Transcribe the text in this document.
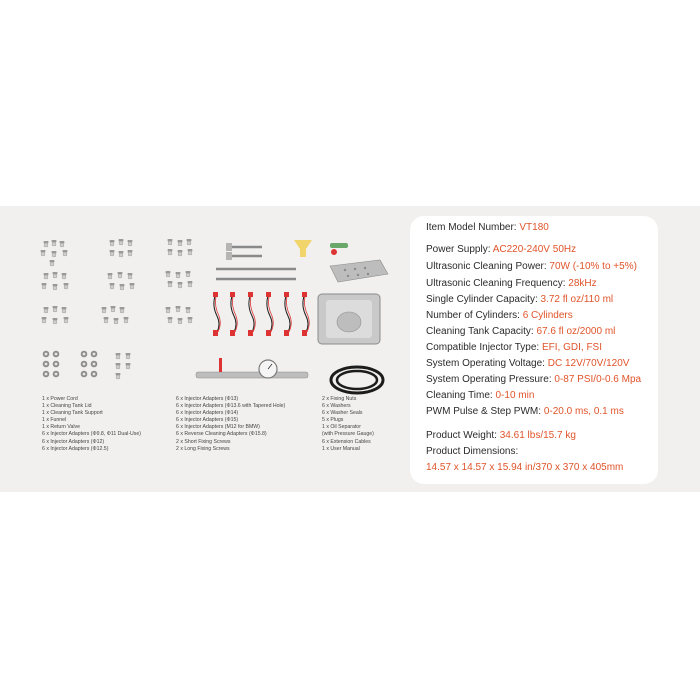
1 x Power Cord
1 x Cleaning Tank Lid
1 x Cleaning Tank Support
1 x Funnel
1 x Return Valve
6 x Injector Adapters (Φ9.8, Φ11 Dual-Use)
6 x Injector Adapters (Φ12)
6 x Injector Adapters (Φ12.5)
6 x Injector Adapters (Φ13)
6 x Injector Adapters (Φ13.6 with Tapered Hole)
6 x Injector Adapters (Φ14)
6 x Injector Adapters (Φ15)
6 x Injector Adapters (M12 for BMW)
6 x Reverse Cleaning Adapters (Φ15.8)
2 x Short Fixing Screws
2 x Long Fixing Screws
2 x Fixing Nuts
6 x Washers
6 x Washer Seals
5 x Plugs
1 x Oil Separator
(with Pressure Gauge)
6 x Extension Cables
1 x User Manual
Item Model Number: VT180
Power Supply: AC220-240V 50Hz
Ultrasonic Cleaning Power: 70W (-10% to +5%)
Ultrasonic Cleaning Frequency: 28kHz
Single Cylinder Capacity: 3.72 fl oz/110 ml
Number of Cylinders: 6 Cylinders
Cleaning Tank Capacity: 67.6 fl oz/2000 ml
Compatible Injector Type: EFI, GDI, FSI
System Operating Voltage: DC 12V/70V/120V
System Operating Pressure: 0-87 PSI/0-0.6 Mpa
Cleaning Time: 0-10 min
PWM Pulse & Step PWM: 0-20.0 ms, 0.1 ms
Product Weight: 34.61 lbs/15.7 kg
Product Dimensions:
14.57 x 14.57 x 15.94 in/370 x 370 x 405mm
